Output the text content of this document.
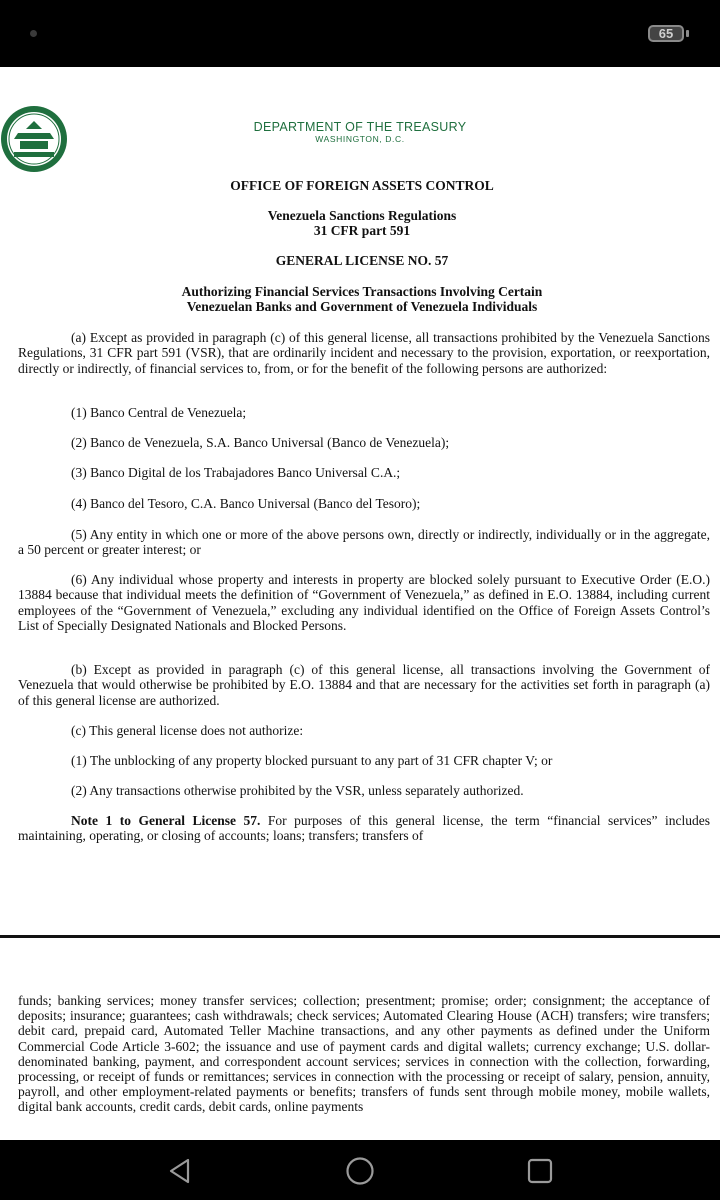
65
DEPARTMENT OF THE TREASURY
WASHINGTON, D.C.
OFFICE OF FOREIGN ASSETS CONTROL
Venezuela Sanctions Regulations
31 CFR part 591
GENERAL LICENSE NO. 57
Authorizing Financial Services Transactions Involving Certain
Venezuelan Banks and Government of Venezuela Individuals
(a) Except as provided in paragraph (c) of this general license, all transactions prohibited by the Venezuela Sanctions Regulations, 31 CFR part 591 (VSR), that are ordinarily incident and necessary to the provision, exportation, or reexportation, directly or indirectly, of financial services to, from, or for the benefit of the following persons are authorized:
(1) Banco Central de Venezuela;
(2) Banco de Venezuela, S.A. Banco Universal (Banco de Venezuela);
(3) Banco Digital de los Trabajadores Banco Universal C.A.;
(4) Banco del Tesoro, C.A. Banco Universal (Banco del Tesoro);
(5) Any entity in which one or more of the above persons own, directly or indirectly, individually or in the aggregate, a 50 percent or greater interest; or
(6) Any individual whose property and interests in property are blocked solely pursuant to Executive Order (E.O.) 13884 because that individual meets the definition of “Government of Venezuela,” as defined in E.O. 13884, including current employees of the “Government of Venezuela,” excluding any individual identified on the Office of Foreign Assets Control’s List of Specially Designated Nationals and Blocked Persons.
(b) Except as provided in paragraph (c) of this general license, all transactions involving the Government of Venezuela that would otherwise be prohibited by E.O. 13884 and that are necessary for the activities set forth in paragraph (a) of this general license are authorized.
(c) This general license does not authorize:
(1) The unblocking of any property blocked pursuant to any part of 31 CFR chapter V; or
(2) Any transactions otherwise prohibited by the VSR, unless separately authorized.
Note 1 to General License 57. For purposes of this general license, the term “financial services” includes maintaining, operating, or closing of accounts; loans; transfers; transfers of
funds; banking services; money transfer services; collection; presentment; promise; order; consignment; the acceptance of deposits; insurance; guarantees; cash withdrawals; check services; Automated Clearing House (ACH) transfers; wire transfers; debit card, prepaid card, Automated Teller Machine transactions, and any other payments as defined under the Uniform Commercial Code Article 3-602; the issuance and use of payment cards and digital wallets; currency exchange; U.S. dollar-denominated banking, payment, and correspondent account services; services in connection with the collection, forwarding, processing, or receipt of funds or remittances; services in connection with the processing or receipt of salary, pension, annuity, payroll, and other employment-related payments or benefits; transfers of funds sent through mobile money, mobile wallets, digital bank accounts, credit cards, debit cards, online payments
